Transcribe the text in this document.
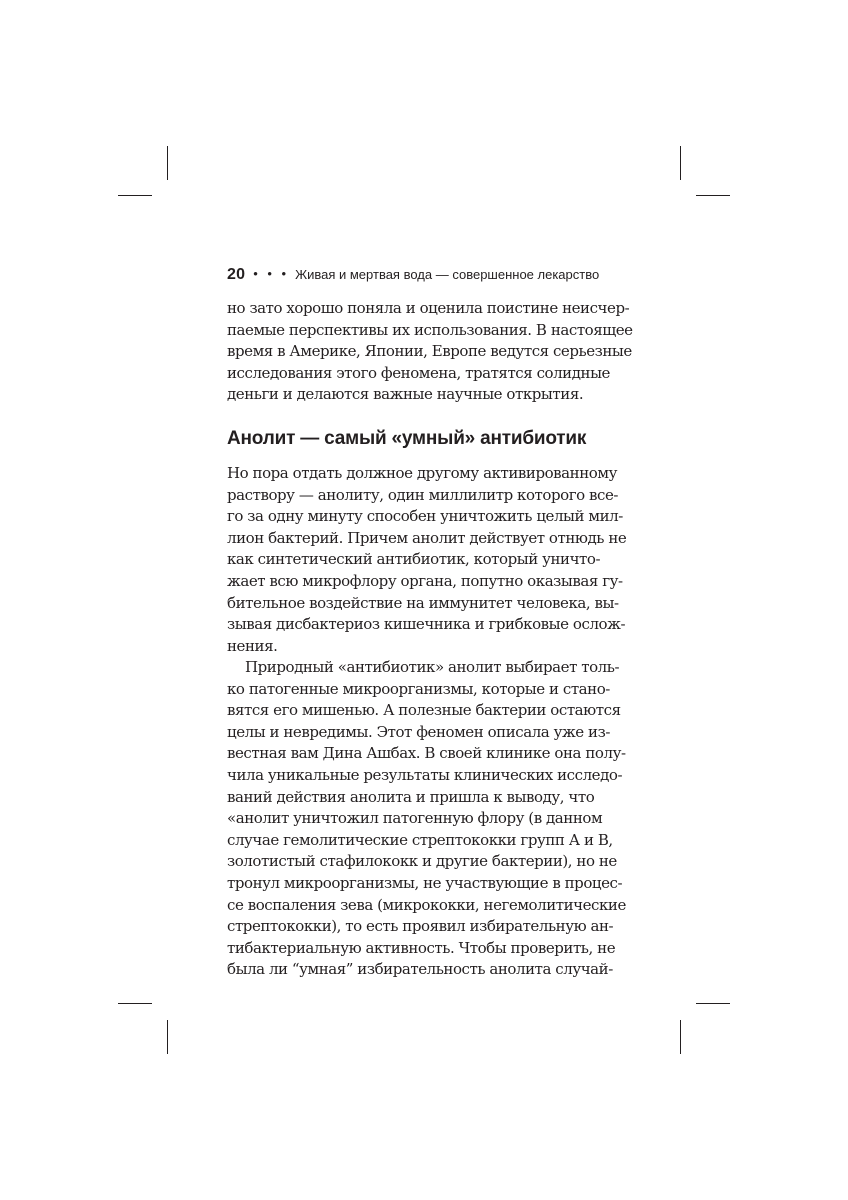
20 • • • Живая и мертвая вода — совершенное лекарство
но зато хорошо поняла и оценила поистине неисчер-
паемые перспективы их использования. В настоящее
время в Америке, Японии, Европе ведутся серьезные
исследования этого феномена, тратятся солидные
деньги и делаются важные научные открытия.
Анолит — самый «умный» антибиотик
Но пора отдать должное другому активированному
раствору — анолиту, один миллилитр которого все-
го за одну минуту способен уничтожить целый мил-
лион бактерий. Причем анолит действует отнюдь не
как синтетический антибиотик, который уничто-
жает всю микрофлору органа, попутно оказывая гу-
бительное воздействие на иммунитет человека, вы-
зывая дисбактериоз кишечника и грибковые ослож-
нения.
Природный «антибиотик» анолит выбирает толь-
ко патогенные микроорганизмы, которые и стано-
вятся его мишенью. А полезные бактерии остаются
целы и невредимы. Этот феномен описала уже из-
вестная вам Дина Ашбах. В своей клинике она полу-
чила уникальные результаты клинических исследо-
ваний действия анолита и пришла к выводу, что
«анолит уничтожил патогенную флору (в данном
случае гемолитические стрептококки групп А и В,
золотистый стафилококк и другие бактерии), но не
тронул микроорганизмы, не участвующие в процес-
се воспаления зева (микрококки, негемолитические
стрептококки), то есть проявил избирательную ан-
тибактериальную активность. Чтобы проверить, не
была ли “умная” избирательность анолита случай-
